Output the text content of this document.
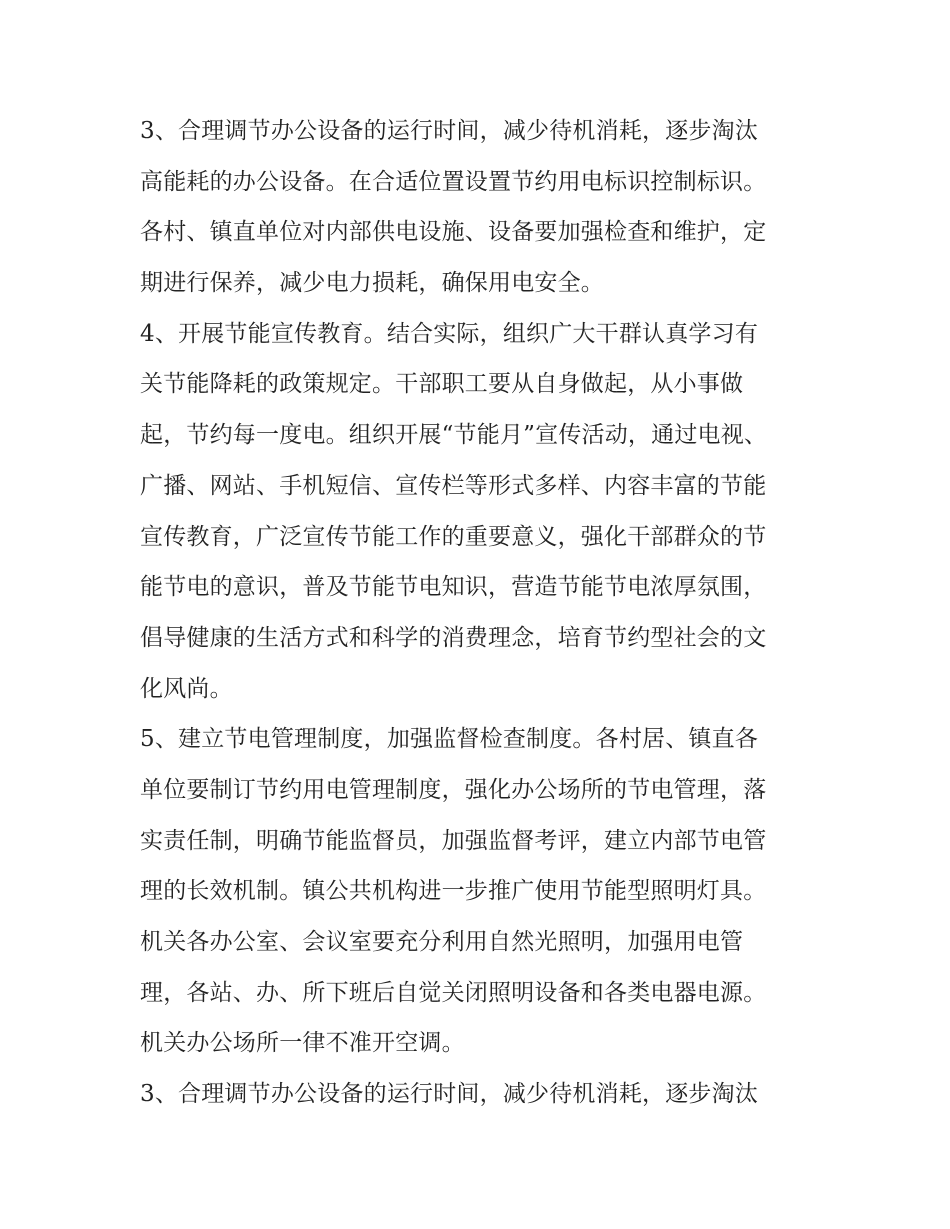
3、合理调节办公设备的运行时间，减少待机消耗，逐步淘汰
高能耗的办公设备。在合适位置设置节约用电标识控制标识。
各村、镇直单位对内部供电设施、设备要加强检查和维护，定
期进行保养，减少电力损耗，确保用电安全。
4、开展节能宣传教育。结合实际，组织广大干群认真学习有
关节能降耗的政策规定。干部职工要从自身做起，从小事做
起，节约每一度电。组织开展“节能月”宣传活动，通过电视、
广播、网站、手机短信、宣传栏等形式多样、内容丰富的节能
宣传教育，广泛宣传节能工作的重要意义，强化干部群众的节
能节电的意识，普及节能节电知识，营造节能节电浓厚氛围，
倡导健康的生活方式和科学的消费理念，培育节约型社会的文
化风尚。
5、建立节电管理制度，加强监督检查制度。各村居、镇直各
单位要制订节约用电管理制度，强化办公场所的节电管理，落
实责任制，明确节能监督员，加强监督考评，建立内部节电管
理的长效机制。镇公共机构进一步推广使用节能型照明灯具。
机关各办公室、会议室要充分利用自然光照明，加强用电管
理，各站、办、所下班后自觉关闭照明设备和各类电器电源。
机关办公场所一律不准开空调。
3、合理调节办公设备的运行时间，减少待机消耗，逐步淘汰
